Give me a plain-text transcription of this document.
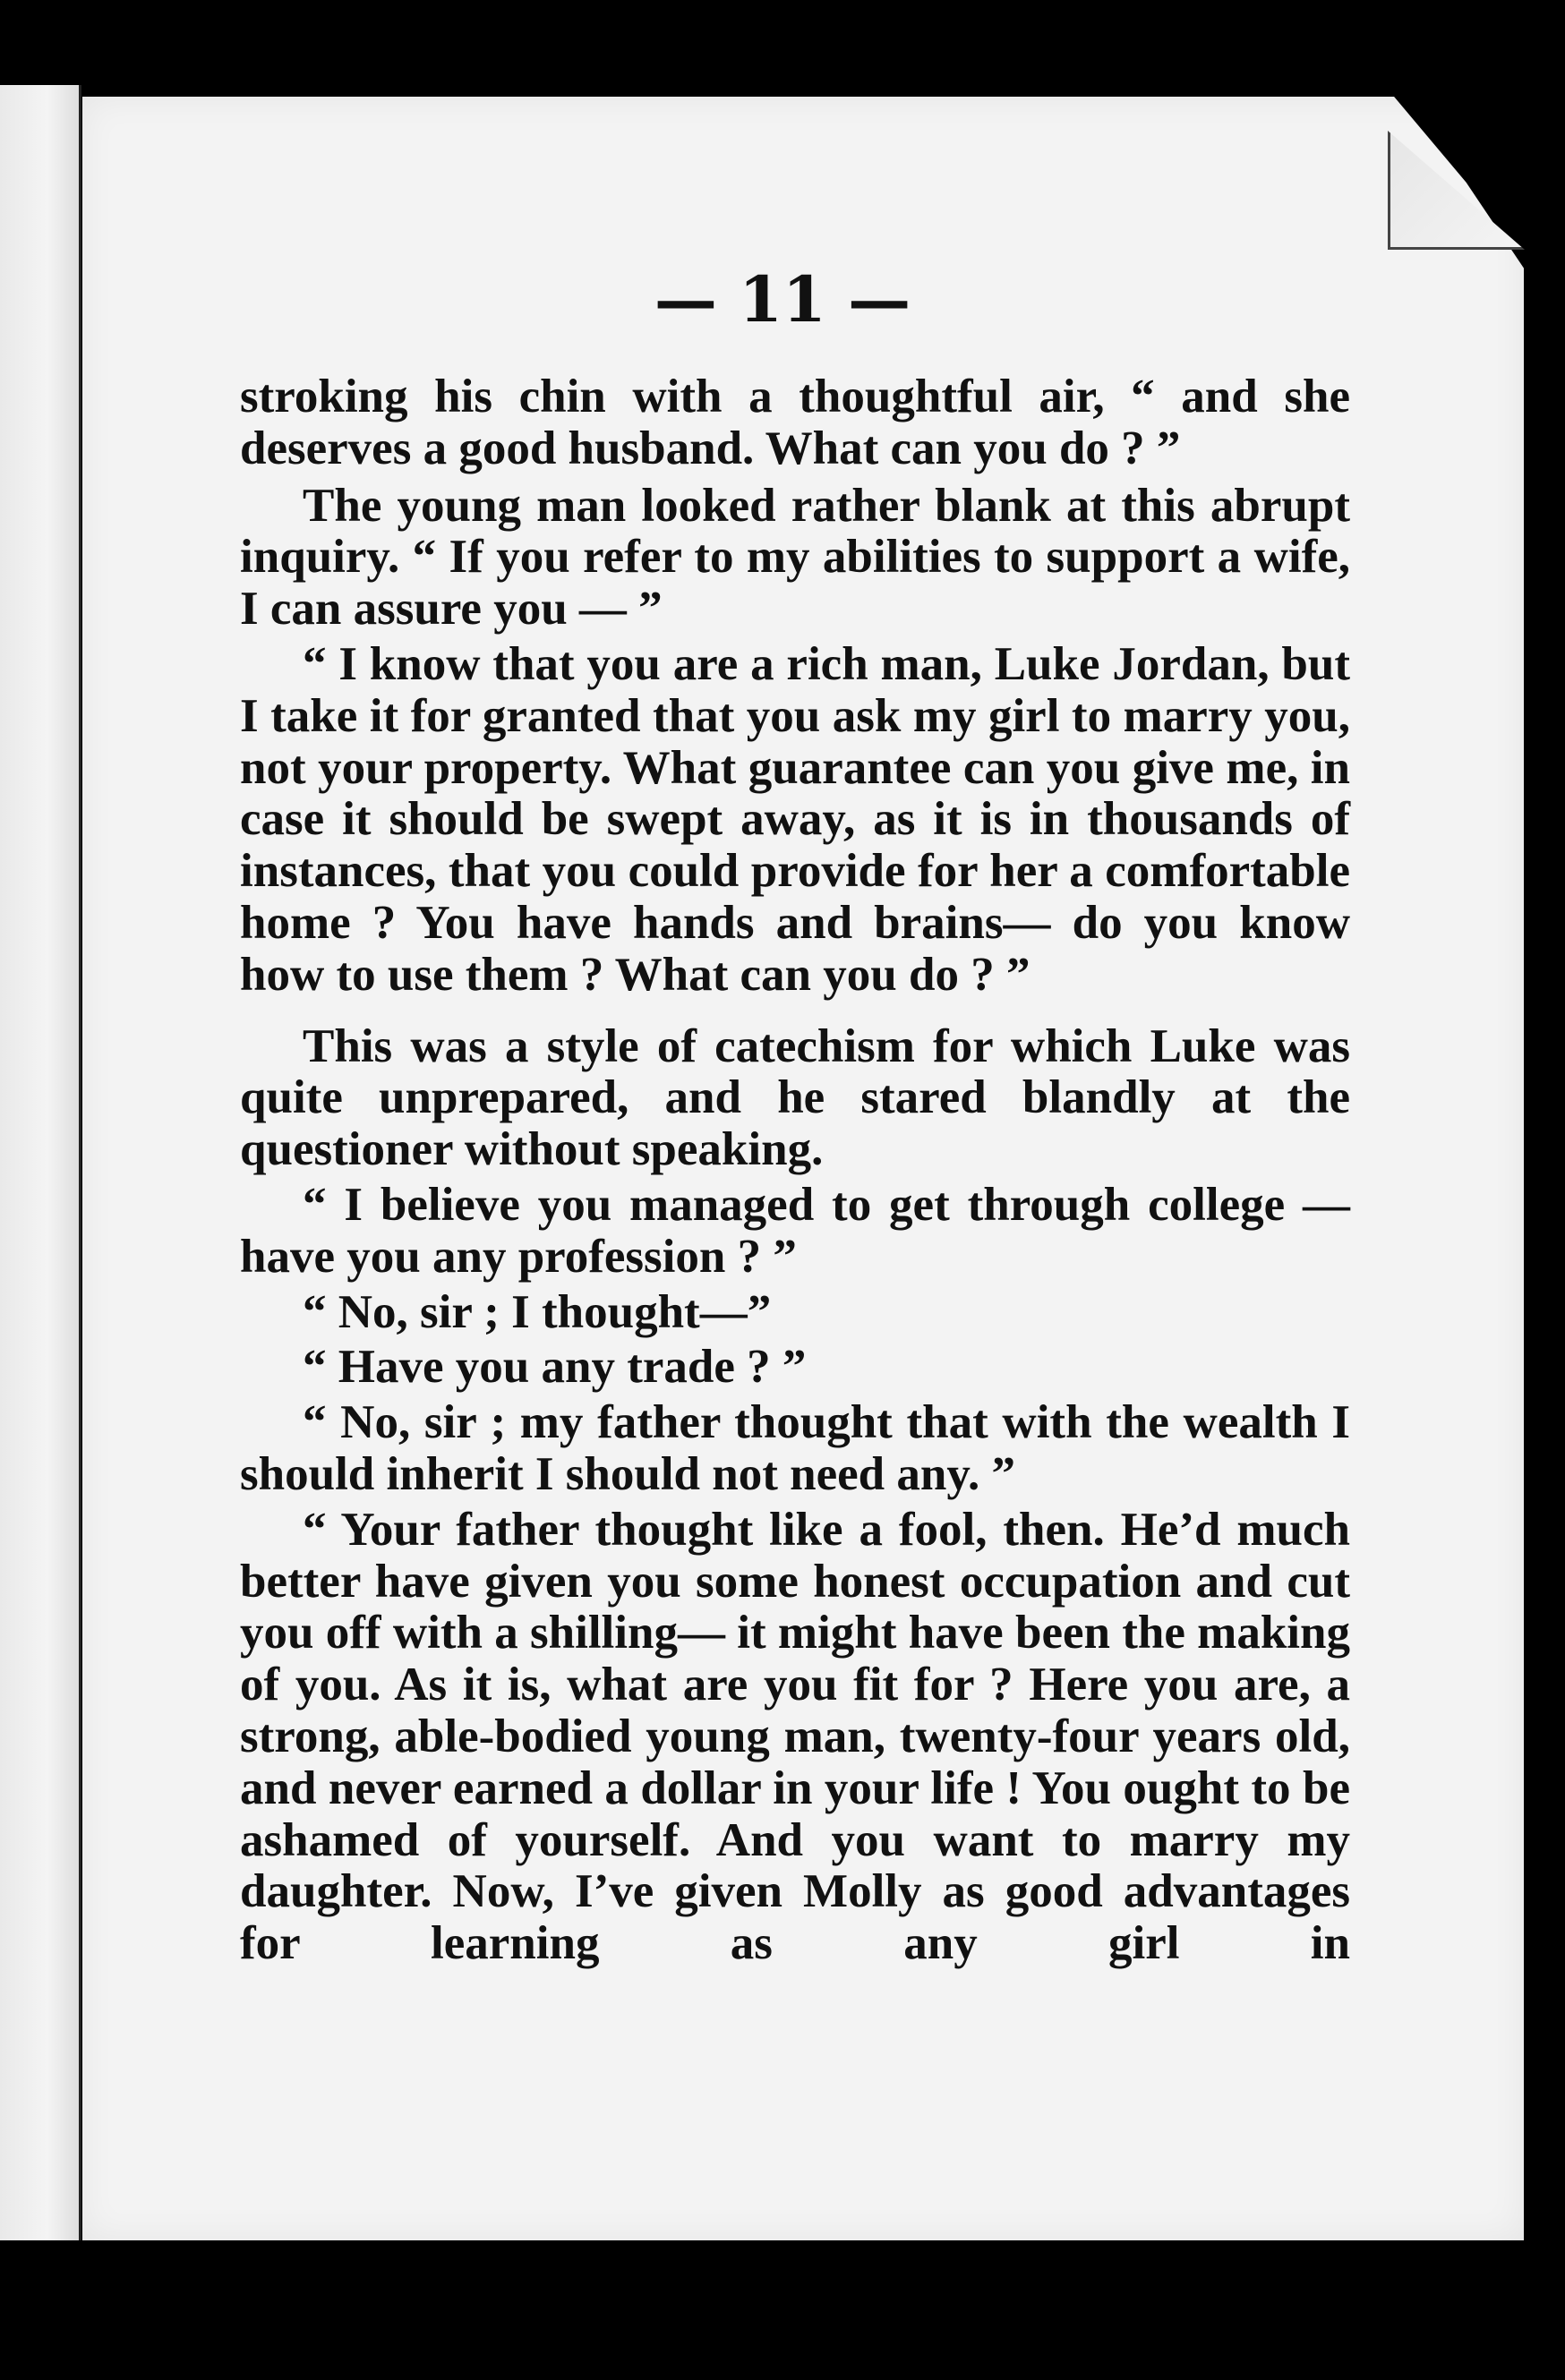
— 11 —

stroking his chin with a thoughtful air, “ and she deserves a good husband. What can you do ? ”

The young man looked rather blank at this abrupt inquiry. “ If you refer to my abilities to support a wife, I can assure you — ”

“ I know that you are a rich man, Luke Jordan, but I take it for granted that you ask my girl to marry you, not your property. What guarantee can you give me, in case it should be swept away, as it is in thousands of instances, that you could provide for her a comfortable home ? You have hands and brains— do you know how to use them ? What can you do ? ”

This was a style of catechism for which Luke was quite unprepared, and he stared blandly at the questioner without speaking.

“ I believe you managed to get through college — have you any profession ? ”

“ No, sir ; I thought—”

“ Have you any trade ? ”

“ No, sir ; my father thought that with the wealth I should inherit I should not need any. ”

“ Your father thought like a fool, then. He’d much better have given you some honest occupation and cut you off with a shilling— it might have been the making of you. As it is, what are you fit for ? Here you are, a strong, able-bodied young man, twenty-four years old, and never earned a dollar in your life ! You ought to be ashamed of yourself. And you want to marry my daughter. Now, I’ve given Molly as good advantages for learning as any girl in
